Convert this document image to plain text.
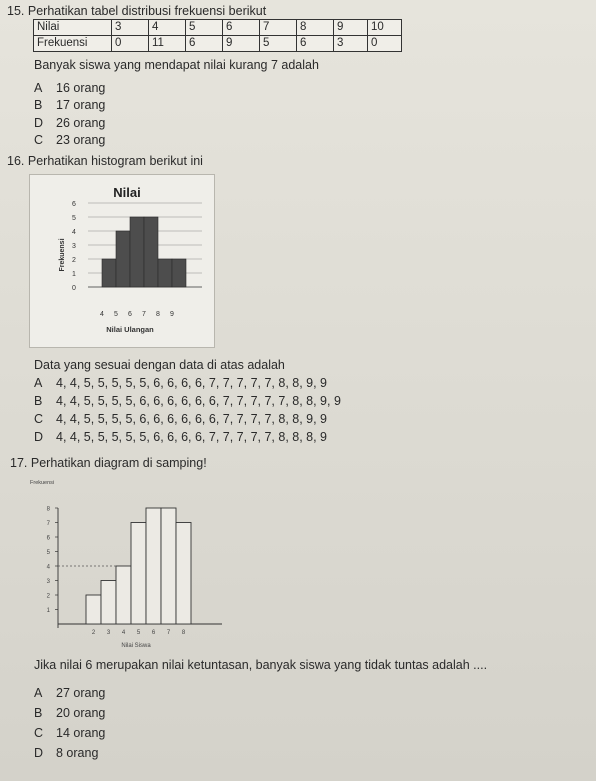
15. Perhatikan tabel distribusi frekuensi berikut
Nilai	3	4	5	6	7	8	9	10
Frekuensi	0	11	6	9	5	6	3	0
Banyak siswa yang mendapat nilai kurang 7 adalah
A 16 orang
B 17 orang
D 26 orang
C 23 orang
16. Perhatikan histogram berikut ini
Nilai
0
1
2
3
4
5
6
4 5 6 7 8 9
Nilai Ulangan
Frekuensi
Data yang sesuai dengan data di atas adalah
A 4, 4, 5, 5, 5, 5, 5, 6, 6, 6, 6, 7, 7, 7, 7, 7, 8, 8, 9, 9
B 4, 4, 5, 5, 5, 5, 6, 6, 6, 6, 6, 6, 7, 7, 7, 7, 7, 8, 8, 9, 9
C 4, 4, 5, 5, 5, 5, 6, 6, 6, 6, 6, 6, 7, 7, 7, 7, 8, 8, 9, 9
D 4, 4, 5, 5, 5, 5, 5, 6, 6, 6, 6, 7, 7, 7, 7, 7, 8, 8, 8, 9
17. Perhatikan diagram di samping!
Frekuensi
1
2
3
4
5
6
7
8
2 3 4 5 6 7 8
Nilai Siswa
Jika nilai 6 merupakan nilai ketuntasan, banyak siswa yang tidak tuntas adalah ....
A 27 orang
B 20 orang
C 14 orang
D 8 orang
